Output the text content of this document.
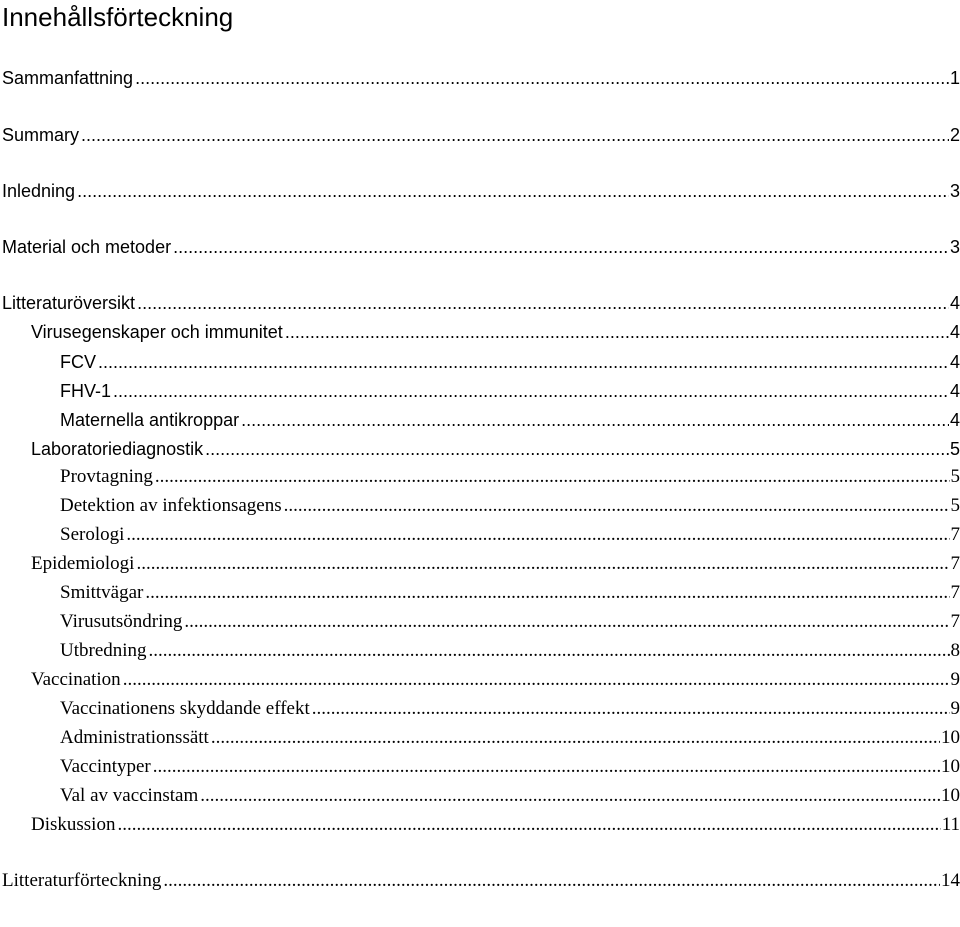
Innehållsförteckning
Sammanfattning .....	1
Summary .....	2
Inledning .....	3
Material och metoder .....	3
Litteraturöversikt .....	4
Virusegenskaper och immunitet .....	4
FCV .....	4
FHV-1 .....	4
Maternella antikroppar .....	4
Laboratoriediagnostik .....	5
Provtagning .....	5
Detektion av infektionsagens .....	5
Serologi .....	7
Epidemiologi .....	7
Smittvägar .....	7
Virusutsöndring .....	7
Utbredning .....	8
Vaccination .....	9
Vaccinationens skyddande effekt .....	9
Administrationssätt .....	10
Vaccintyper .....	10
Val av vaccinstam .....	10
Diskussion .....	11
Litteraturförteckning .....	14
